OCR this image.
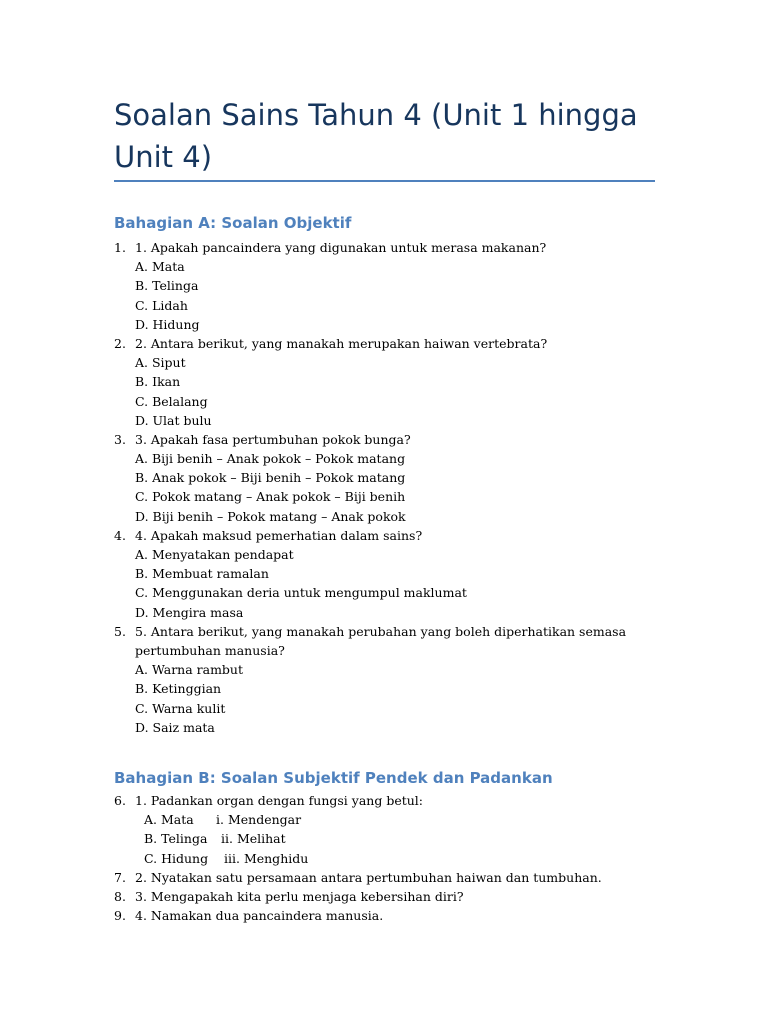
Soalan Sains Tahun 4 (Unit 1 hingga Unit 4)
Bahagian A: Soalan Objektif
1. 1. Apakah pancaindera yang digunakan untuk merasa makanan?
A. Mata
B. Telinga
C. Lidah
D. Hidung
2. 2. Antara berikut, yang manakah merupakan haiwan vertebrata?
A. Siput
B. Ikan
C. Belalang
D. Ulat bulu
3. 3. Apakah fasa pertumbuhan pokok bunga?
A. Biji benih – Anak pokok – Pokok matang
B. Anak pokok – Biji benih – Pokok matang
C. Pokok matang – Anak pokok – Biji benih
D. Biji benih – Pokok matang – Anak pokok
4. 4. Apakah maksud pemerhatian dalam sains?
A. Menyatakan pendapat
B. Membuat ramalan
C. Menggunakan deria untuk mengumpul maklumat
D. Mengira masa
5. 5. Antara berikut, yang manakah perubahan yang boleh diperhatikan semasa
pertumbuhan manusia?
A. Warna rambut
B. Ketinggian
C. Warna kulit
D. Saiz mata
Bahagian B: Soalan Subjektif Pendek dan Padankan
6. 1. Padankan organ dengan fungsi yang betul:
A. Mata i. Mendengar
B. Telinga ii. Melihat
C. Hidung iii. Menghidu
7. 2. Nyatakan satu persamaan antara pertumbuhan haiwan dan tumbuhan.
8. 3. Mengapakah kita perlu menjaga kebersihan diri?
9. 4. Namakan dua pancaindera manusia.
